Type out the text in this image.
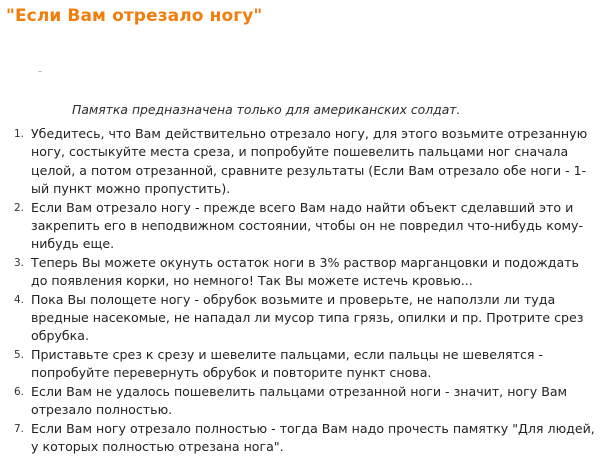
"Если Вам отрезало ногу"

Памятка предназначена только для американских солдат.

1. Убедитесь, что Вам действительно отрезало ногу, для этого возьмите отрезанную ногу, состыкуйте места среза, и попробуйте пошевелить пальцами ног сначала целой, а потом отрезанной, сравните результаты (Если Вам отрезало обе ноги - 1-ый пункт можно пропустить).
2. Если Вам отрезало ногу - прежде всего Вам надо найти объект сделавший это и закрепить его в неподвижном состоянии, чтобы он не повредил что-нибудь кому-нибудь еще.
3. Теперь Вы можете окунуть остаток ноги в 3% раствор марганцовки и подождать до появления корки, но немного! Так Вы можете истечь кровью...
4. Пока Вы полощете ногу - обрубок возьмите и проверьте, не наползли ли туда вредные насекомые, не нападал ли мусор типа грязь, опилки и пр. Протрите срез обрубка.
5. Приставьте срез к срезу и шевелите пальцами, если пальцы не шевелятся - попробуйте перевернуть обрубок и повторите пункт снова.
6. Если Вам не удалось пошевелить пальцами отрезанной ноги - значит, ногу Вам отрезало полностью.
7. Если Вам ногу отрезало полностью - тогда Вам надо прочесть памятку "Для людей, у которых полностью отрезана нога".
